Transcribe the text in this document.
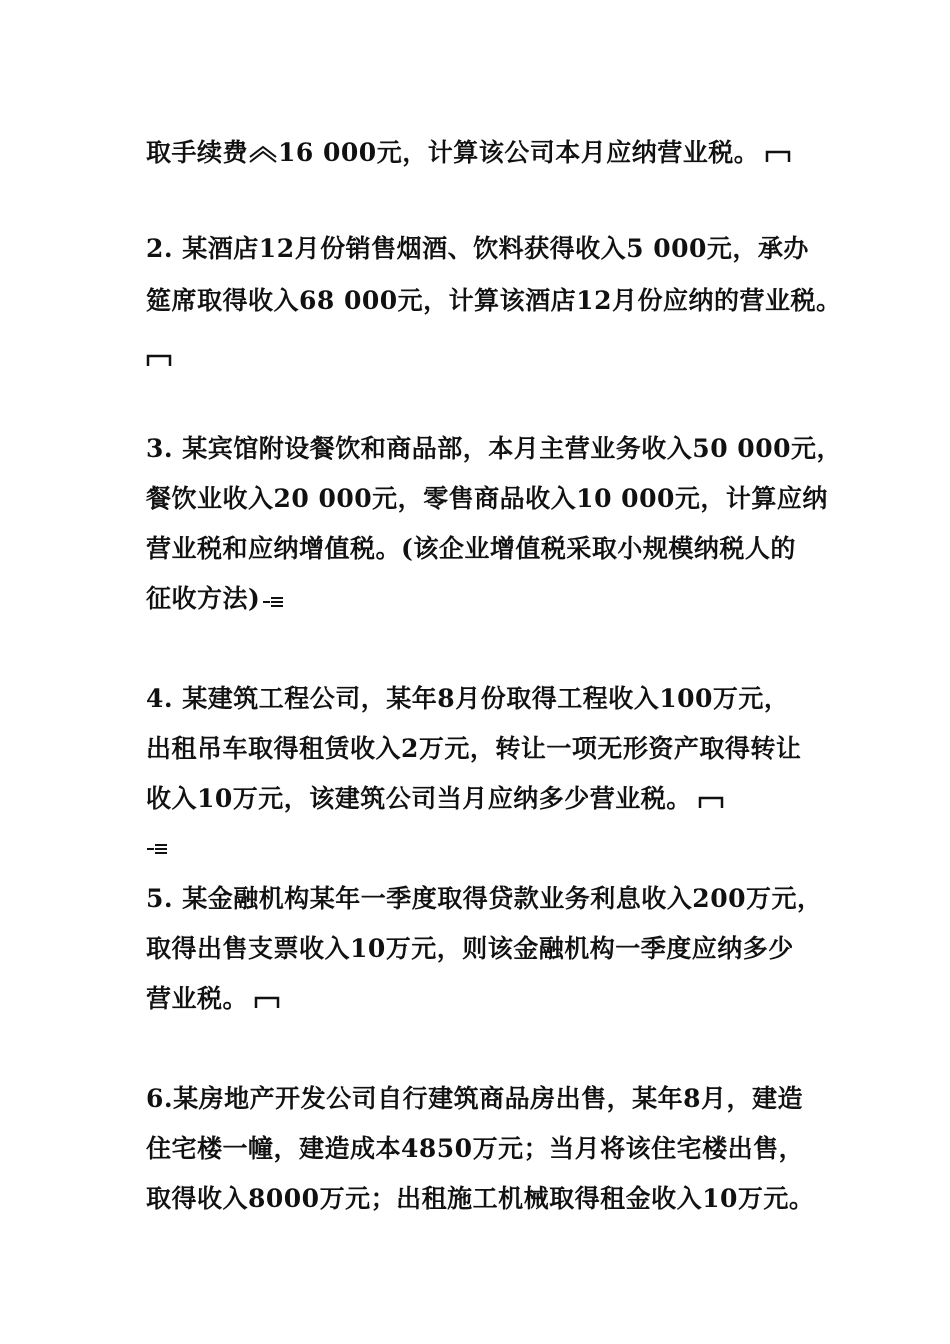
取手续费 16 000元，计算该公司本月应纳营业税。
2. 某酒店12月份销售烟酒、饮料获得收入5 000元，承办
筵席取得收入68 000元，计算该酒店12月份应纳的营业税。
3. 某宾馆附设餐饮和商品部，本月主营业务收入50 000元，
餐饮业收入20 000元，零售商品收入10 000元，计算应纳
营业税和应纳增值税。(该企业增值税采取小规模纳税人的
征收方法)
4. 某建筑工程公司，某年8月份取得工程收入100万元，
出租吊车取得租赁收入2万元，转让一项无形资产取得转让
收入10万元，该建筑公司当月应纳多少营业税。
5. 某金融机构某年一季度取得贷款业务利息收入200万元，
取得出售支票收入10万元，则该金融机构一季度应纳多少
营业税。
6.某房地产开发公司自行建筑商品房出售，某年8月，建造
住宅楼一幢，建造成本4850万元；当月将该住宅楼出售，
取得收入8000万元；出租施工机械取得租金收入10万元。
